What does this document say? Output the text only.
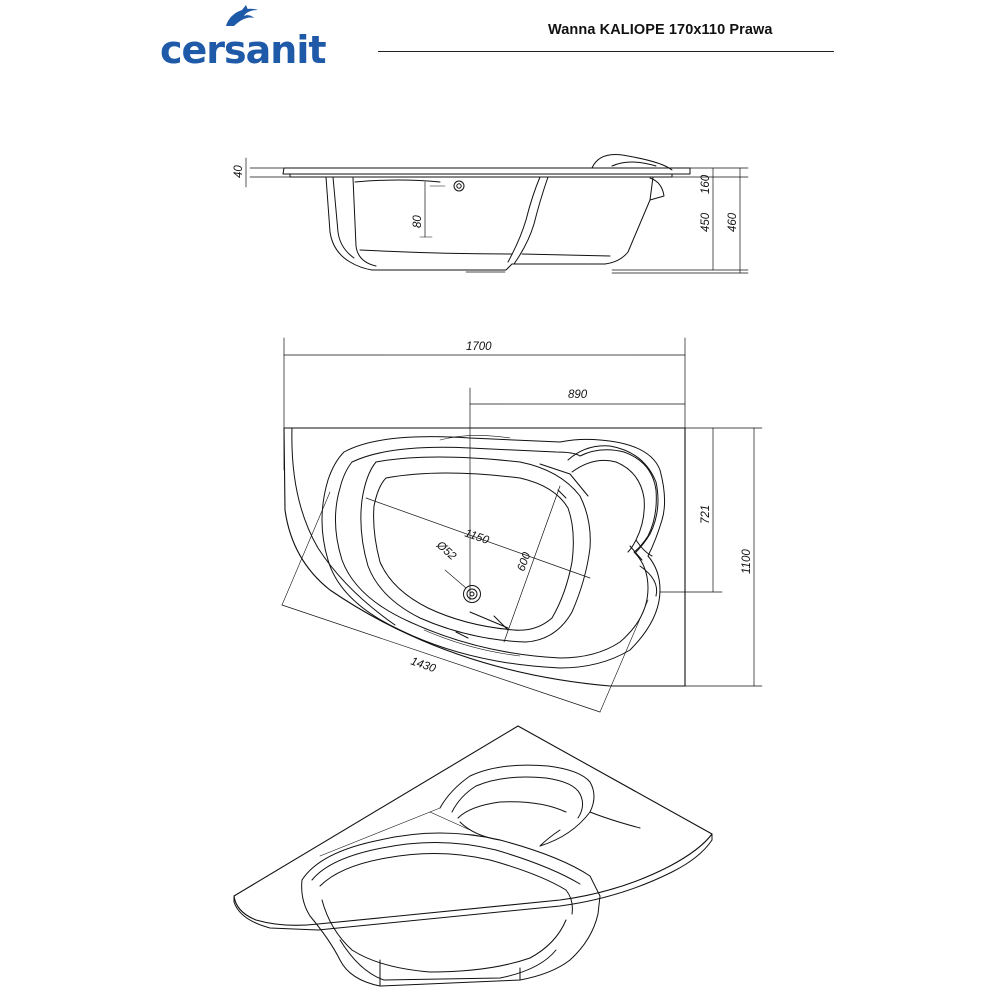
cersanit	Wanna KALIOPE 170x110 Prawa
40
80	450
160
460
1700
890
1150
600
Ø52
1430
721
1100
